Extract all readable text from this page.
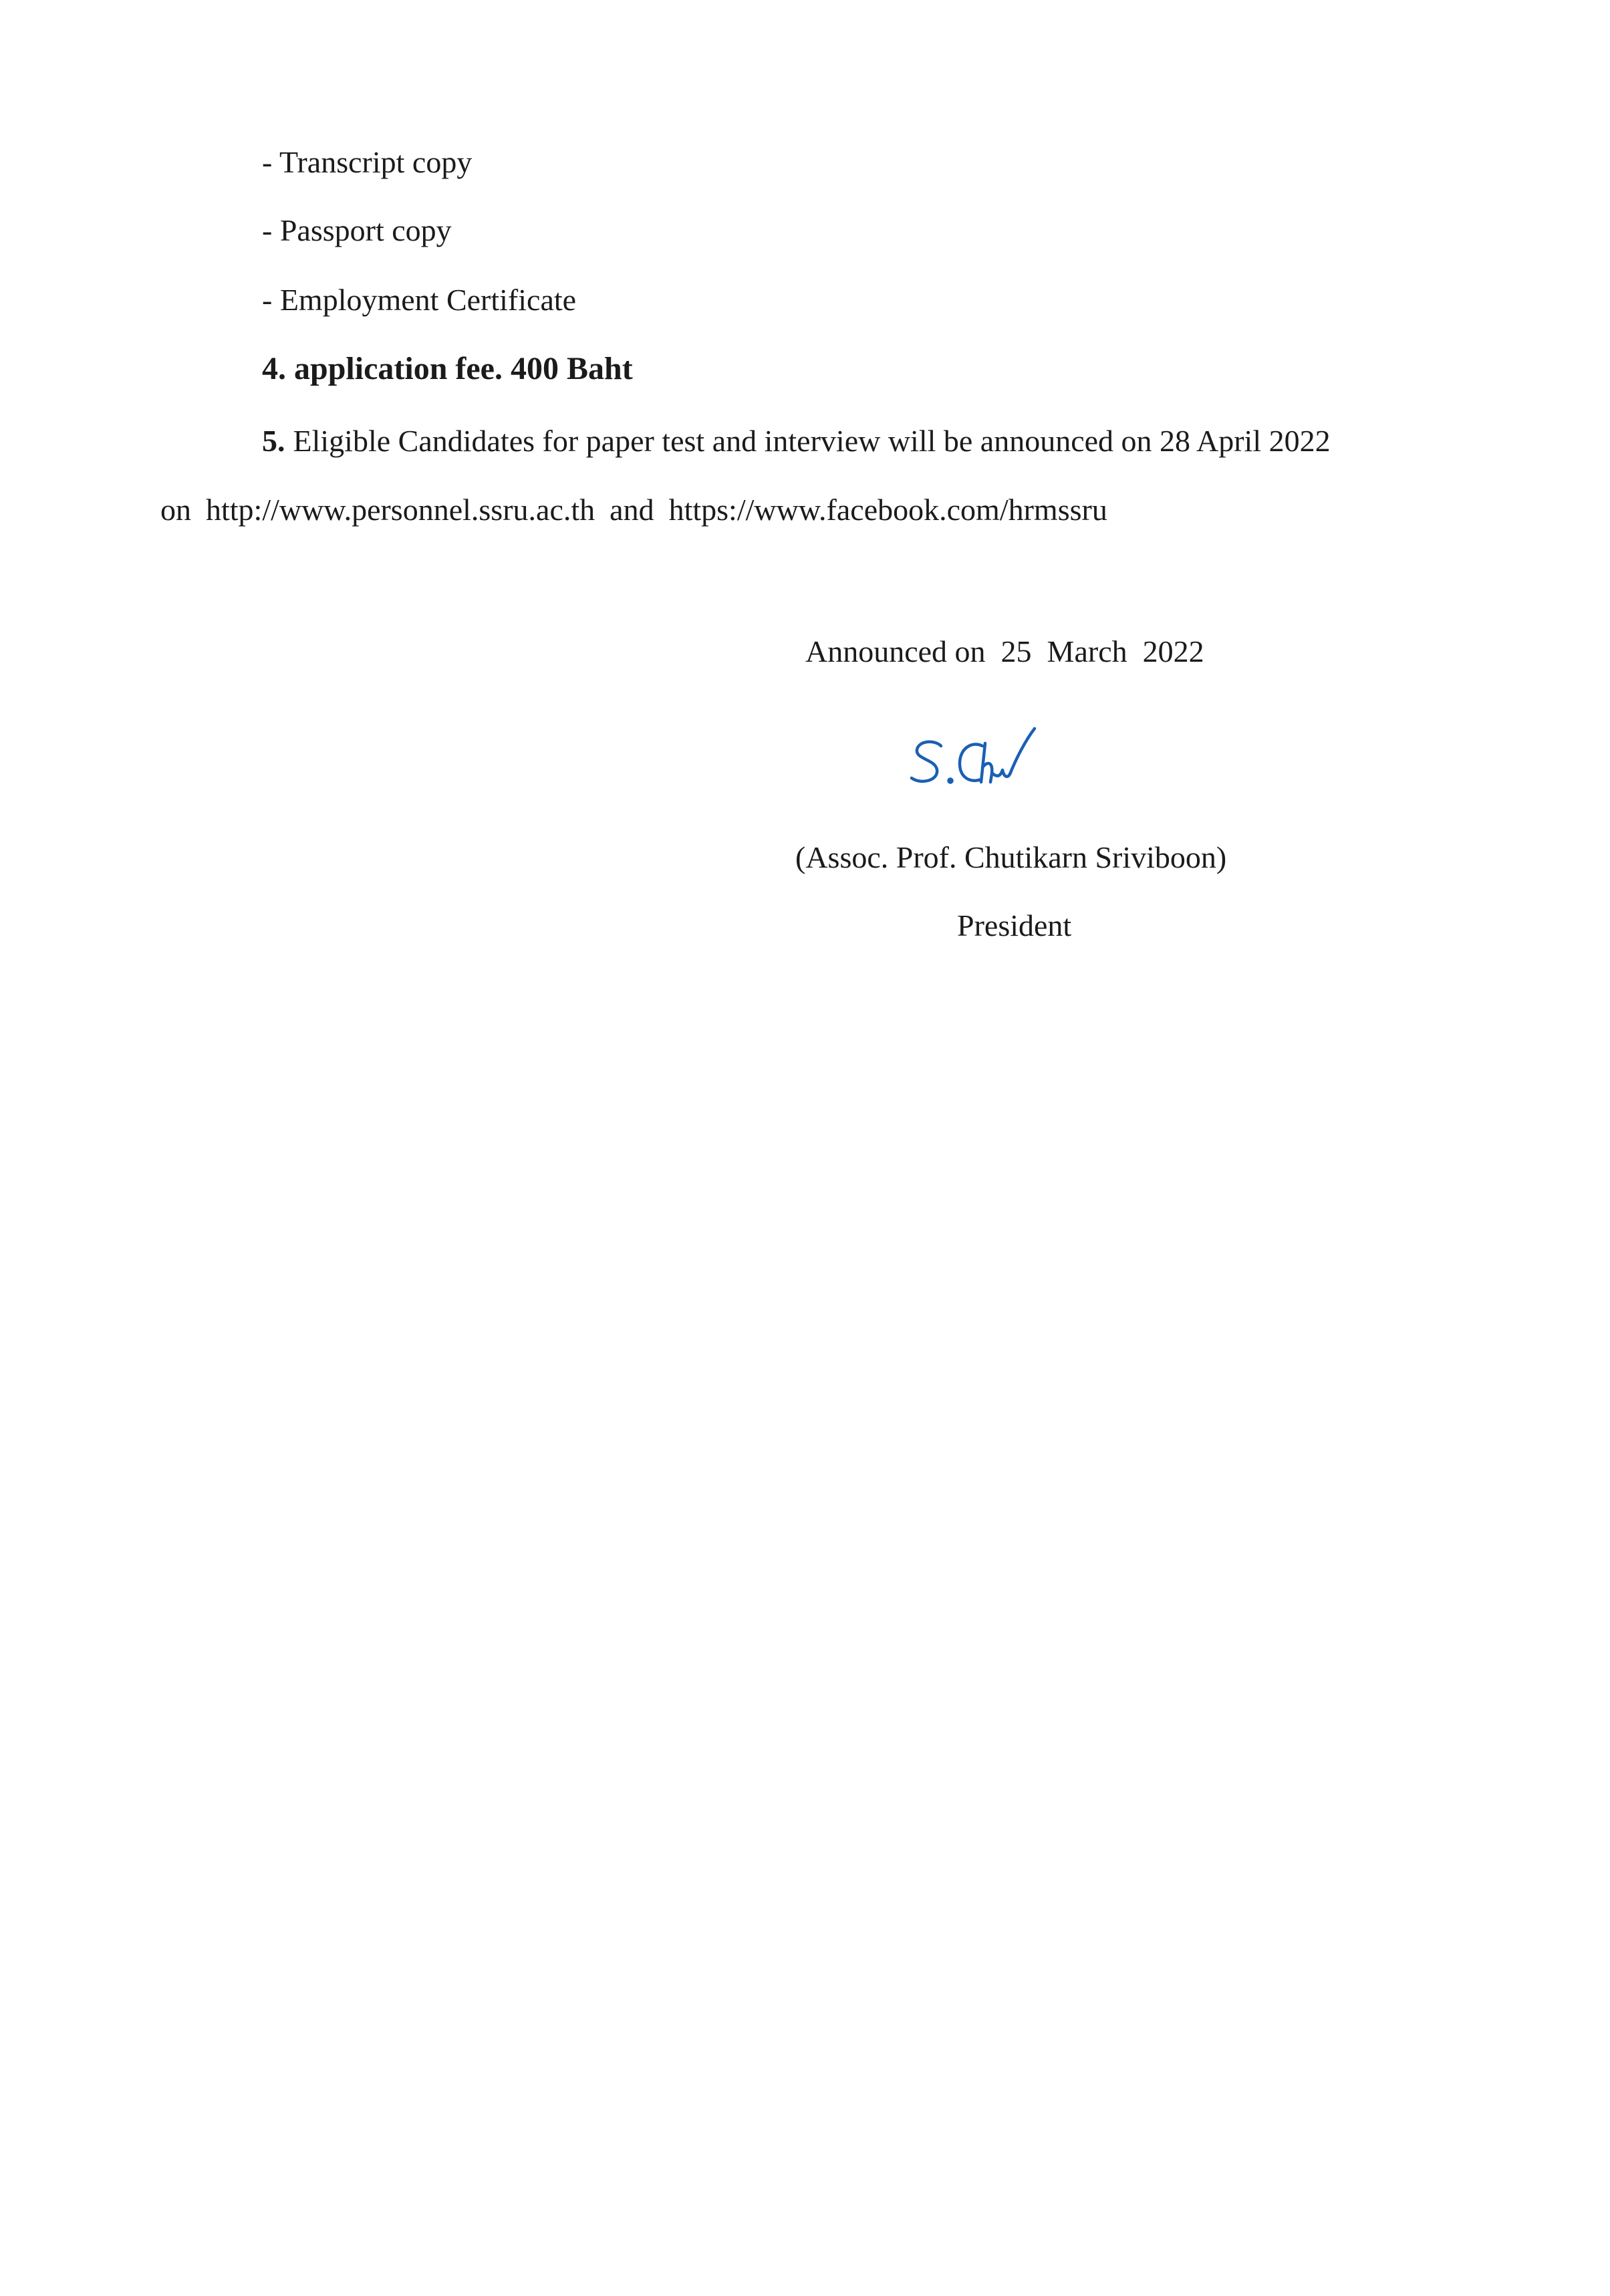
- Transcript copy
- Passport copy
- Employment Certificate
4. application fee. 400 Baht
5. Eligible Candidates for paper test and interview will be announced on 28 April 2022
on http://www.personnel.ssru.ac.th and https://www.facebook.com/hrmssru
Announced on  25  March  2022
(Assoc. Prof. Chutikarn Sriviboon)
President
